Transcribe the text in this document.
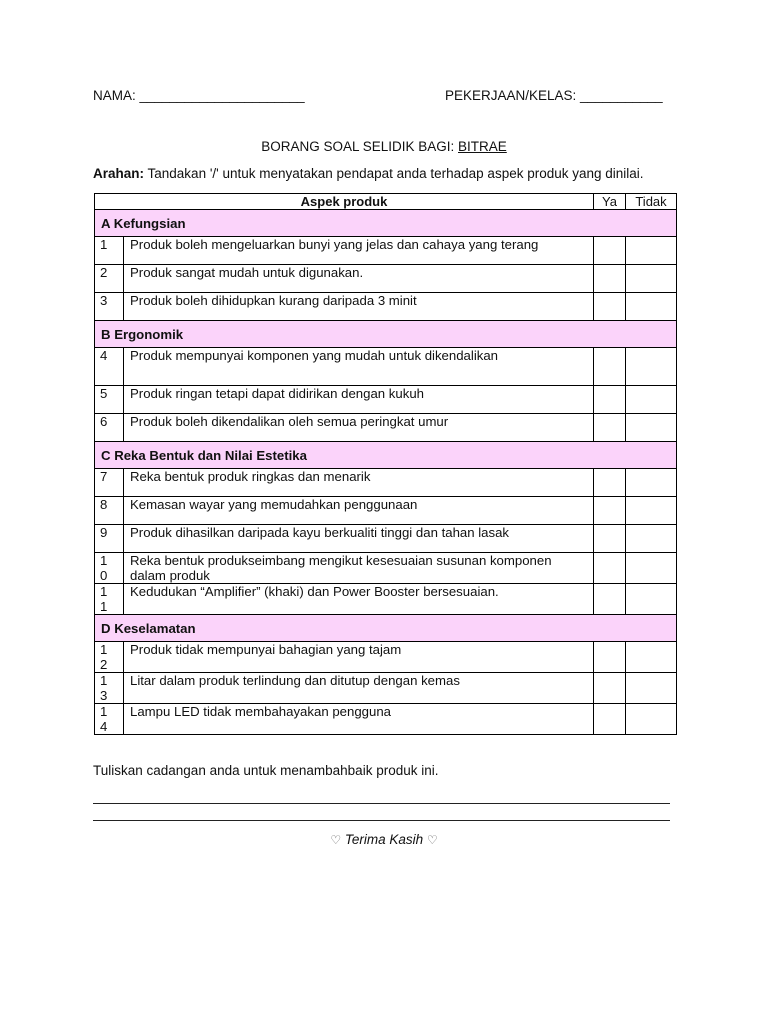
NAMA: ______________________	PEKERJAAN/KELAS: ___________
BORANG SOAL SELIDIK BAGI: BITRAE
Arahan: Tandakan '/' untuk menyatakan pendapat anda terhadap aspek produk yang dinilai.
Aspek produk		Ya	Tidak
A Kefungsian			

1	Produk boleh mengeluarkan bunyi yang jelas dan cahaya yang terang		

2	Produk sangat mudah untuk digunakan.		

3	Produk boleh dihidupkan kurang daripada 3 minit		
B Ergonomik			

4	Produk mempunyai komponen yang mudah untuk dikendalikan		

5	Produk ringan tetapi dapat didirikan dengan kukuh		

6	Produk boleh dikendalikan oleh semua peringkat umur		
C Reka Bentuk dan Nilai Estetika			

7	Reka bentuk produk ringkas dan menarik		

8	Kemasan wayar yang memudahkan penggunaan		

9	Produk dihasilkan daripada kayu berkualiti tinggi dan tahan lasak		

10	Reka bentuk produkseimbang mengikut kesesuaian susunan komponen dalam produk		

11	Kedudukan “Amplifier” (khaki) dan Power Booster bersesuaian.		
D Keselamatan			

12	Produk tidak mempunyai bahagian yang tajam		

13	Litar dalam produk terlindung dan ditutup dengan kemas		

14	Lampu LED tidak membahayakan pengguna		
Tuliskan cadangan anda untuk menambahbaik produk ini.
♡ Terima Kasih ♡
